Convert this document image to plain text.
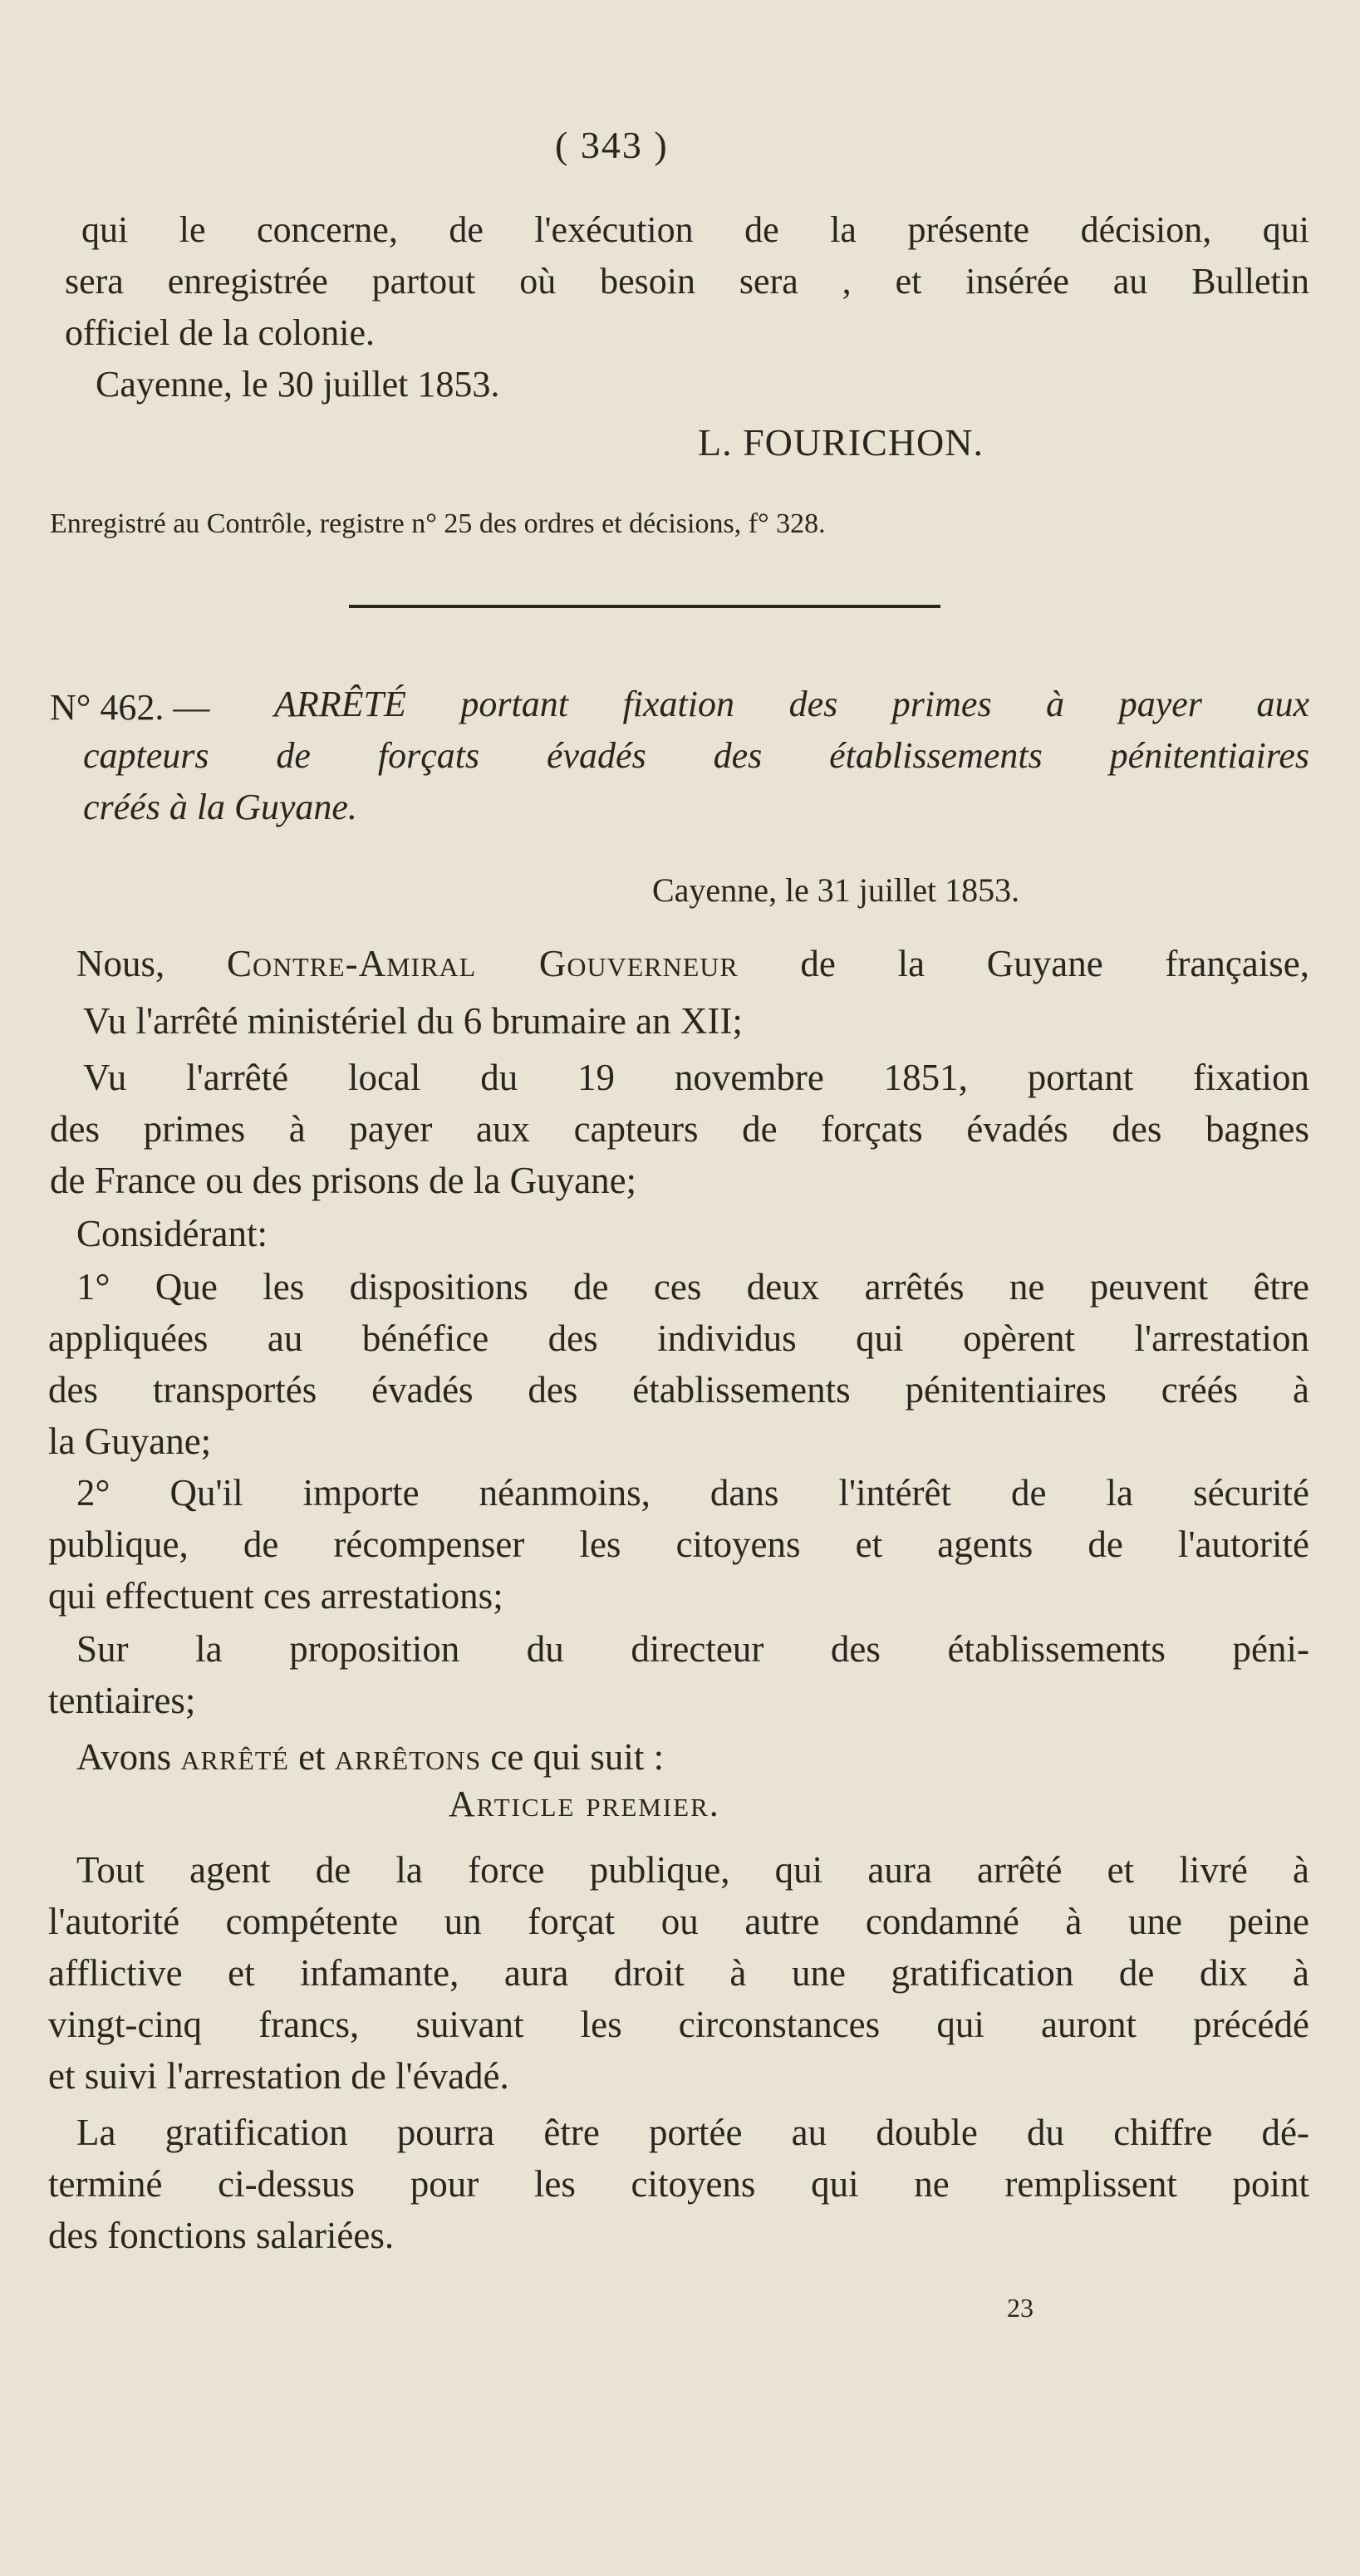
( 343 )
qui le concerne, de l'exécution de la présente décision, qui
sera enregistrée partout où besoin sera , et insérée au Bulletin
officiel de la colonie.
Cayenne, le 30 juillet 1853.
L. FOURICHON.
Enregistré au Contrôle, registre n° 25 des ordres et décisions, f° 328.
N° 462. — ARRÊTÉ portant fixation des primes à payer aux
capteurs de forçats évadés des établissements pénitentiaires
créés à la Guyane.
Cayenne, le 31 juillet 1853.
Nous, Contre-Amiral Gouverneur de la Guyane française,
Vu l'arrêté ministériel du 6 brumaire an XII;
Vu l'arrêté local du 19 novembre 1851, portant fixation
des primes à payer aux capteurs de forçats évadés des bagnes
de France ou des prisons de la Guyane;
Considérant:
1° Que les dispositions de ces deux arrêtés ne peuvent être
appliquées au bénéfice des individus qui opèrent l'arrestation
des transportés évadés des établissements pénitentiaires créés à
la Guyane;
2° Qu'il importe néanmoins, dans l'intérêt de la sécurité
publique, de récompenser les citoyens et agents de l'autorité
qui effectuent ces arrestations;
Sur la proposition du directeur des établissements péni-
tentiaires;
Avons arrêté et arrêtons ce qui suit :
Article premier.
Tout agent de la force publique, qui aura arrêté et livré à
l'autorité compétente un forçat ou autre condamné à une peine
afflictive et infamante, aura droit à une gratification de dix à
vingt-cinq francs, suivant les circonstances qui auront précédé
et suivi l'arrestation de l'évadé.
La gratification pourra être portée au double du chiffre dé-
terminé ci-dessus pour les citoyens qui ne remplissent point
des fonctions salariées.
23
